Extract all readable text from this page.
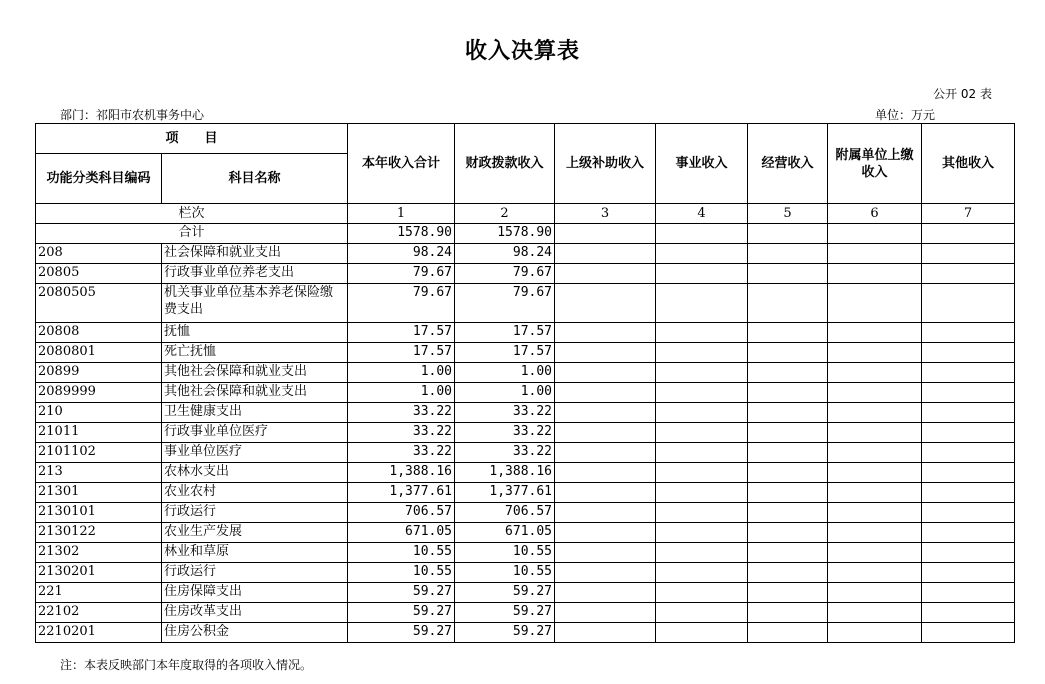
收入决算表
公开 02 表
部门：祁阳市农机事务中心	单位：万元
项　　目		本年收入合计	财政拨款收入	上级补助收入	事业收入	经营收入	附属单位上缴收入	其他收入
功能分类科目编码	科目名称							
栏次		1	2	3	4	5	6	7
合计		1578.90	1578.90					
208	社会保障和就业支出	98.24	98.24					
20805	行政事业单位养老支出	79.67	79.67					
2080505	机关事业单位基本养老保险缴费支出	79.67	79.67					
20808	抚恤	17.57	17.57					
2080801	死亡抚恤	17.57	17.57					
20899	其他社会保障和就业支出	1.00	1.00					
2089999	其他社会保障和就业支出	1.00	1.00					
210	卫生健康支出	33.22	33.22					
21011	行政事业单位医疗	33.22	33.22					
2101102	事业单位医疗	33.22	33.22					
213	农林水支出	1,388.16	1,388.16					
21301	农业农村	1,377.61	1,377.61					
2130101	行政运行	706.57	706.57					
2130122	农业生产发展	671.05	671.05					
21302	林业和草原	10.55	10.55					
2130201	行政运行	10.55	10.55					
221	住房保障支出	59.27	59.27					
22102	住房改革支出	59.27	59.27					
2210201	住房公积金	59.27	59.27					
注：本表反映部门本年度取得的各项收入情况。
